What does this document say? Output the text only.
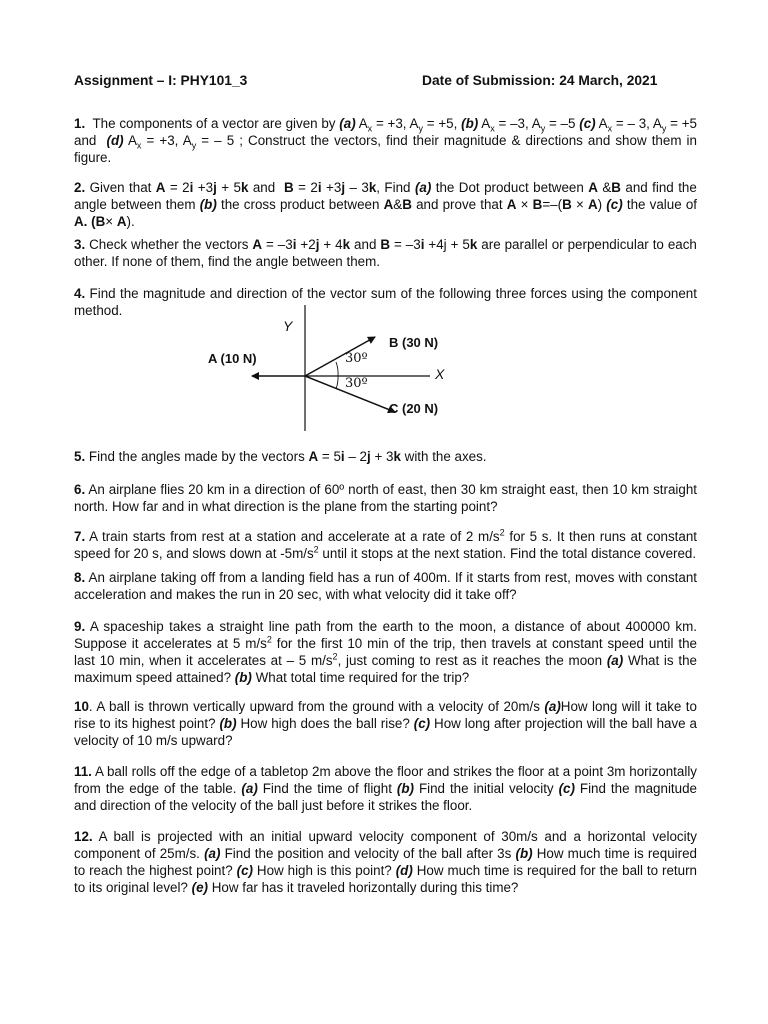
Assignment – I: PHY101_3	Date of Submission: 24 March, 2021
1. The components of a vector are given by (a) $A_x = +3$, $A_y = +5$, (b) $A_x = -3$, $A_y = -5$ (c) $A_x$ = – 3, $A_y = +5$ and (d) $A_x = +3$, $A_y$ = – 5 ; Construct the vectors, find their magnitude & directions and show them in figure.
2. Given that A = 2i +3j + 5k and B = 2i +3j – 3k, Find (a) the Dot product between A &B and find the angle between them (b) the cross product between A&B and prove that A × B=–(B × A) (c) the value of A. (B× A).
3. Check whether the vectors A = –3i +2j + 4k and B = –3i +4j + 5k are parallel or perpendicular to each other. If none of them, find the angle between them.
4. Find the magnitude and direction of the vector sum of the following three forces using the component method.
Y
X
A (10 N)
B (30 N)
C (20 N)
30º
30º
5. Find the angles made by the vectors A = 5i – 2j + 3k with the axes.
6. An airplane flies 20 km in a direction of 60º north of east, then 30 km straight east, then 10 km straight north. How far and in what direction is the plane from the starting point?
7. A train starts from rest at a station and accelerate at a rate of 2 $m/s^2$ for 5 s. It then runs at constant speed for 20 s, and slows down at $-5m/s^2$ until it stops at the next station. Find the total distance covered.
8. An airplane taking off from a landing field has a run of 400m. If it starts from rest, moves with constant acceleration and makes the run in 20 sec, with what velocity did it take off?
9. A spaceship takes a straight line path from the earth to the moon, a distance of about 400000 km. Suppose it accelerates at 5 $m/s^2$ for the first 10 min of the trip, then travels at constant speed until the last 10 min, when it accelerates at – 5 $m/s^2$, just coming to rest as it reaches the moon (a) What is the maximum speed attained? (b) What total time required for the trip?
10. A ball is thrown vertically upward from the ground with a velocity of 20m/s (a)How long will it take to rise to its highest point? (b) How high does the ball rise? (c) How long after projection will the ball have a velocity of 10 m/s upward?
11. A ball rolls off the edge of a tabletop 2m above the floor and strikes the floor at a point 3m horizontally from the edge of the table. (a) Find the time of flight (b) Find the initial velocity (c) Find the magnitude and direction of the velocity of the ball just before it strikes the floor.
12. A ball is projected with an initial upward velocity component of 30m/s and a horizontal velocity component of 25m/s. (a) Find the position and velocity of the ball after 3s (b) How much time is required to reach the highest point? (c) How high is this point? (d) How much time is required for the ball to return to its original level? (e) How far has it traveled horizontally during this time?
